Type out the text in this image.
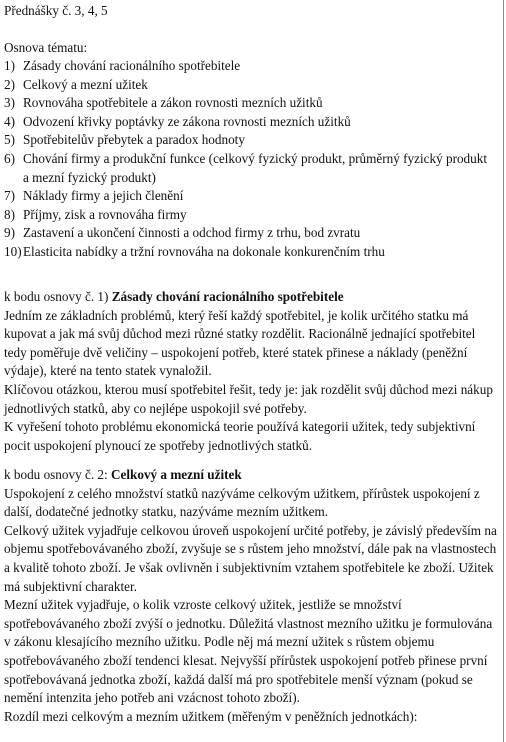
Přednášky č. 3, 4, 5
Osnova tématu:
1) Zásady chování racionálního spotřebitele
2) Celkový a mezní užitek
3) Rovnováha spotřebitele a zákon rovnosti mezních užitků
4) Odvození křivky poptávky ze zákona rovnosti mezních užitků
5) Spotřebitelův přebytek a paradox hodnoty
6) Chování firmy a produkční funkce (celkový fyzický produkt, průměrný fyzický produkt a mezní fyzický produkt)
7) Náklady firmy a jejich členění
8) Příjmy, zisk a rovnováha firmy
9) Zastavení a ukončení činnosti a odchod firmy z trhu, bod zvratu
10) Elasticita nabídky a tržní rovnováha na dokonale konkurenčním trhu

k bodu osnovy č. 1) Zásady chování racionálního spotřebitele

Jedním ze základních problémů, který řeší každý spotřebitel, je kolik určitého statku má kupovat a jak má svůj důchod mezi různé statky rozdělit. Racionálně jednající spotřebitel tedy poměřuje dvě veličiny – uspokojení potřeb, které statek přinese a náklady (peněžní výdaje), které na tento statek vynaložil.

Klíčovou otázkou, kterou musí spotřebitel řešit, tedy je: jak rozdělit svůj důchod mezi nákup jednotlivých statků, aby co nejlépe uspokojil své potřeby.

K vyřešení tohoto problému ekonomická teorie používá kategorii užitek, tedy subjektivní pocit uspokojení plynoucí ze spotřeby jednotlivých statků.

k bodu osnovy č. 2: Celkový a mezní užitek

Uspokojení z celého množství statků nazýváme celkovým užitkem, přírůstek uspokojení z další, dodatečné jednotky statku, nazýváme mezním užitkem.

Celkový užitek vyjadřuje celkovou úroveň uspokojení určité potřeby, je závislý především na objemu spotřebovávaného zboží, zvyšuje se s růstem jeho množství, dále pak na vlastnostech a kvalitě tohoto zboží. Je však ovlivněn i subjektivním vztahem spotřebitele ke zboží. Užitek má subjektivní charakter.

Mezní užitek vyjadřuje, o kolik vzroste celkový užitek, jestliže se množství spotřebovávaného zboží zvýší o jednotku. Důležitá vlastnost mezního užitku je formulována v zákonu klesajícího mezního užitku. Podle něj má mezní užitek s růstem objemu spotřebovávaného zboží tendenci klesat. Nejvyšší přírůstek uspokojení potřeb přinese první spotřebovávaná jednotka zboží, každá další má pro spotřebitele menší význam (pokud se nemění intenzita jeho potřeb ani vzácnost tohoto zboží).

Rozdíl mezi celkovým a mezním užitkem (měřeným v peněžních jednotkách):
